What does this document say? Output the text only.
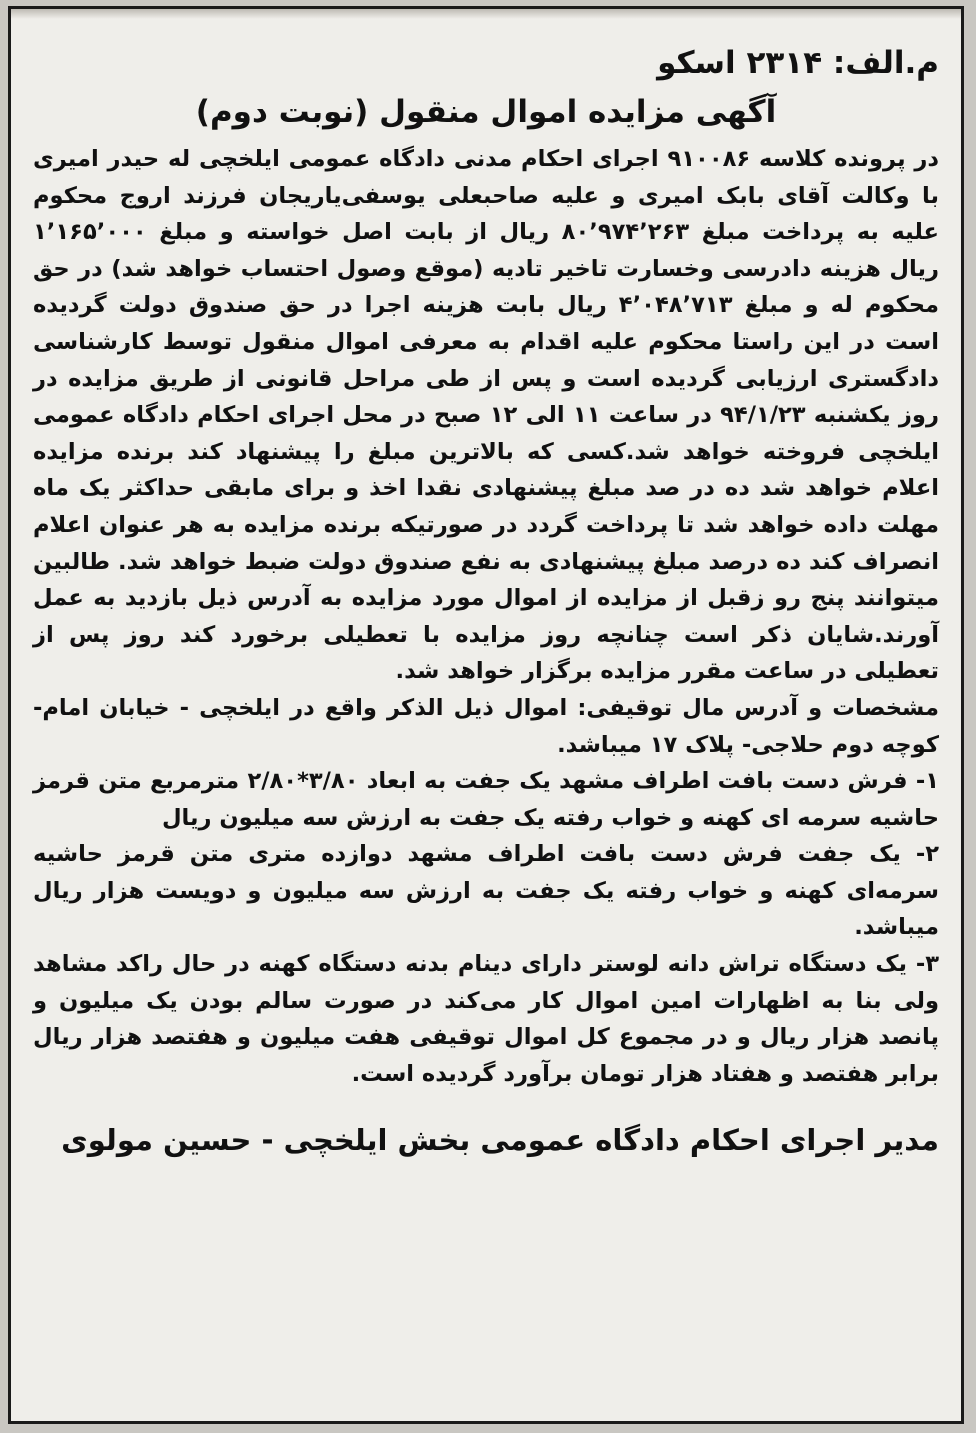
م.الف: ۲۳۱۴ اسکو

آگهی مزایده اموال منقول (نوبت دوم)

در پرونده کلاسه ۹۱۰۰۸۶ اجرای احکام مدنی دادگاه عمومی ایلخچی له حیدر امیری با وکالت آقای بابک امیری و علیه صاحبعلی یوسفی‌یاریجان فرزند اروج محکوم علیه به پرداخت مبلغ ۸۰٬۹۷۴٬۲۶۳ ریال از بابت اصل خواسته و مبلغ ۱٬۱۶۵٬۰۰۰ ریال هزینه دادرسی وخسارت تاخیر تادیه (موقع وصول احتساب خواهد شد) در حق محکوم له و مبلغ ۴٬۰۴۸٬۷۱۳ ریال بابت هزینه اجرا در حق صندوق دولت گردیده است در این راستا محکوم علیه اقدام به معرفی اموال منقول توسط کارشناسی دادگستری ارزیابی گردیده است و پس از طی مراحل قانونی از طریق مزایده در روز یکشنبه ۹۴/۱/۲۳ در ساعت ۱۱ الی ۱۲ صبح در محل اجرای احکام دادگاه عمومی ایلخچی فروخته خواهد شد.کسی که بالاترین مبلغ را پیشنهاد کند برنده مزایده اعلام خواهد شد ده در صد مبلغ پیشنهادی نقدا اخذ و برای مابقی حداکثر یک ماه مهلت داده خواهد شد تا پرداخت گردد در صورتیکه برنده مزایده به هر عنوان اعلام انصراف کند ده درصد مبلغ پیشنهادی به نفع صندوق دولت ضبط خواهد شد. طالبین میتوانند پنج رو زقبل از مزایده از اموال مورد مزایده به آدرس ذیل بازدید به عمل آورند.شایان ذکر است چنانچه روز مزایده با تعطیلی برخورد کند روز پس از تعطیلی در ساعت مقرر مزایده برگزار خواهد شد.

مشخصات و آدرس مال توقیفی: اموال ذیل الذکر واقع در ایلخچی - خیابان امام- کوچه دوم حلاجی- پلاک ۱۷ میباشد.

۱- فرش دست بافت اطراف مشهد یک جفت به ابعاد ۳/۸۰*۲/۸۰ مترمربع متن قرمز حاشیه سرمه ای کهنه و خواب رفته یک جفت به ارزش سه میلیون ریال
۲- یک جفت فرش دست بافت اطراف مشهد دوازده متری متن قرمز حاشیه سرمه‌ای کهنه و خواب رفته یک جفت به ارزش سه میلیون و دویست هزار ریال میباشد.
۳- یک دستگاه تراش دانه لوستر دارای دینام بدنه دستگاه کهنه در حال راکد مشاهد ولی بنا به اظهارات امین اموال کار می‌کند در صورت سالم بودن یک میلیون و پانصد هزار ریال و در مجموع کل اموال توقیفی هفت میلیون و هفتصد هزار ریال برابر هفتصد و هفتاد هزار تومان برآورد گردیده است.

مدیر اجرای احکام دادگاه عمومی بخش ایلخچی - حسین مولوی
